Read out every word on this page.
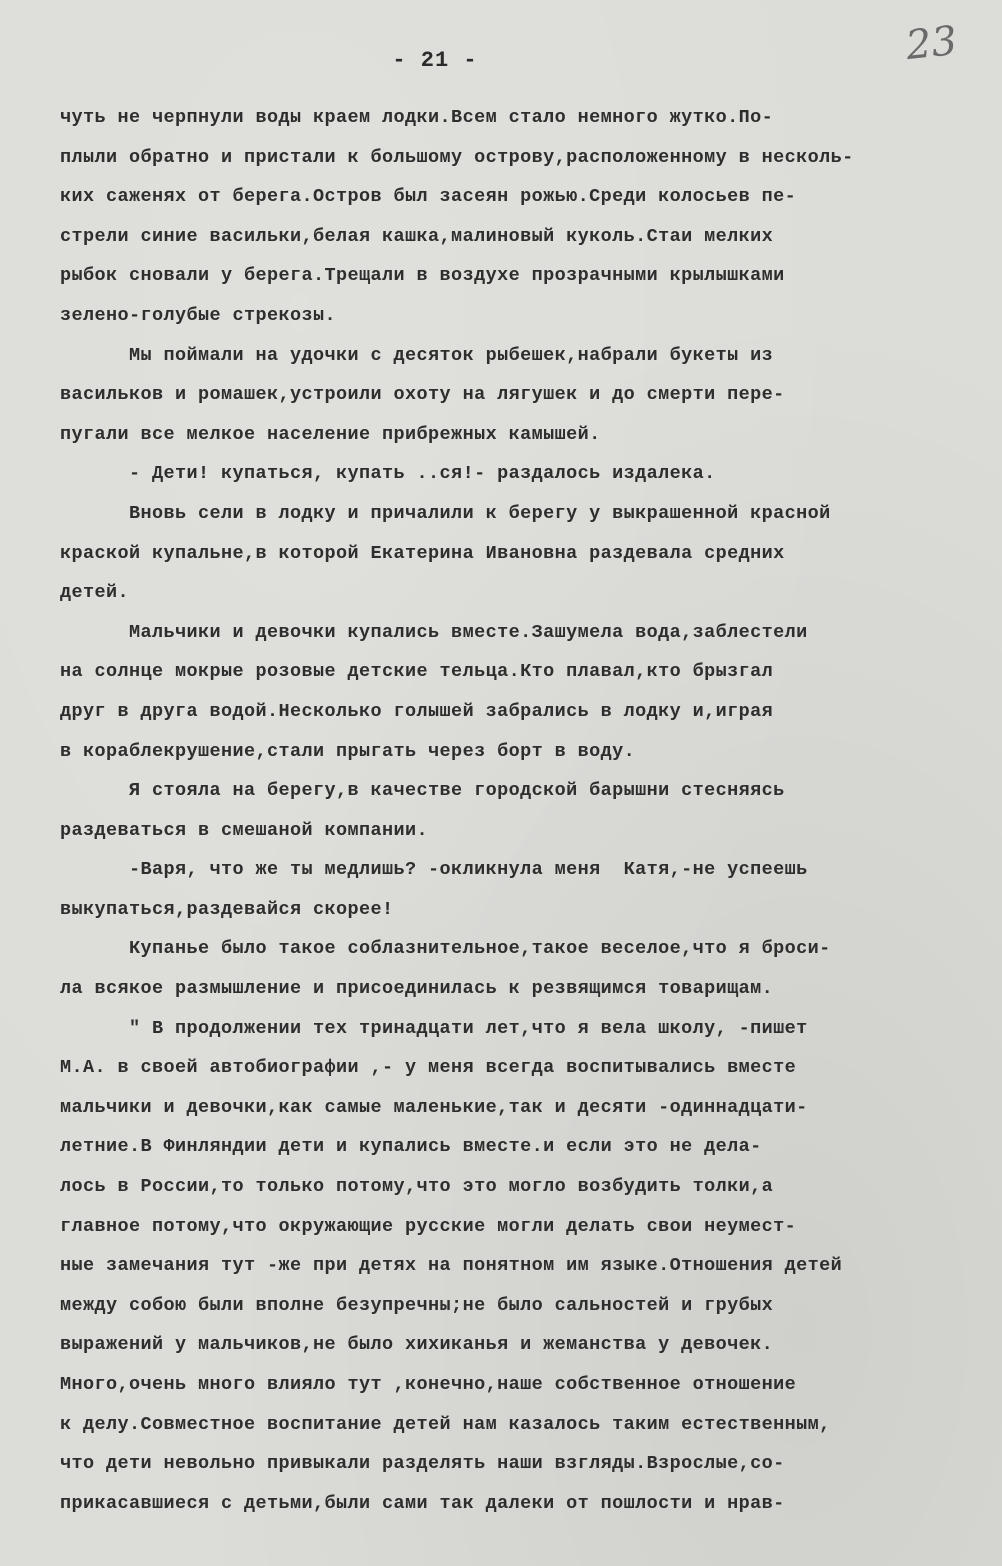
- 21 -	23
чуть не черпнули воды краем лодки.Всем стало немного жутко.По-
плыли обратно и пристали к большому острову,расположенному в несколь-
ких саженях от берега.Остров был засеян рожью.Среди колосьев пе-
стрели синие васильки,белая кашка,малиновый куколь.Стаи мелких
рыбок сновали у берега.Трещали в воздухе прозрачными крылышками
зелено-голубые стрекозы.
Мы поймали на удочки с десяток рыбешек,набрали букеты из
васильков и ромашек,устроили охоту на лягушек и до смерти пере-
пугали все мелкое население прибрежных камышей.
- Дети! купаться, купать ..ся!- раздалось издалека.
Вновь сели в лодку и причалили к берегу у выкрашенной красной
краской купальне,в которой Екатерина Ивановна раздевала средних
детей.
Мальчики и девочки купались вместе.Зашумела вода,заблестели
на солнце мокрые розовые детские тельца.Кто плавал,кто брызгал
друг в друга водой.Несколько голышей забрались в лодку и,играя
в кораблекрушение,стали прыгать через борт в воду.
Я стояла на берегу,в качестве городской барышни стесняясь
раздеваться в смешаной компании.
-Варя, что же ты медлишь? -окликнула меня  Катя,-не успеешь
выкупаться,раздевайся скорее!
Купанье было такое соблазнительное,такое веселое,что я броси-
ла всякое размышление и присоединилась к резвящимся товарищам.
" В продолжении тех тринадцати лет,что я вела школу, -пишет
М.А. в своей автобиографии ,- у меня всегда воспитывались вместе
мальчики и девочки,как самые маленькие,так и десяти -одиннадцати-
летние.В Финляндии дети и купались вместе.и если это не дела-
лось в России,то только потому,что это могло возбудить толки,а
главное потому,что окружающие русские могли делать свои неумест-
ные замечания тут -же при детях на понятном им языке.Отношения детей
между собою были вполне безупречны;не было сальностей и грубых
выражений у мальчиков,не было хихиканья и жеманства у девочек.
Много,очень много влияло тут ,конечно,наше собственное отношение
к делу.Совместное воспитание детей нам казалось таким естественным,
что дети невольно привыкали разделять наши взгляды.Взрослые,со-
прикасавшиеся с детьми,были сами так далеки от пошлости и нрав-
